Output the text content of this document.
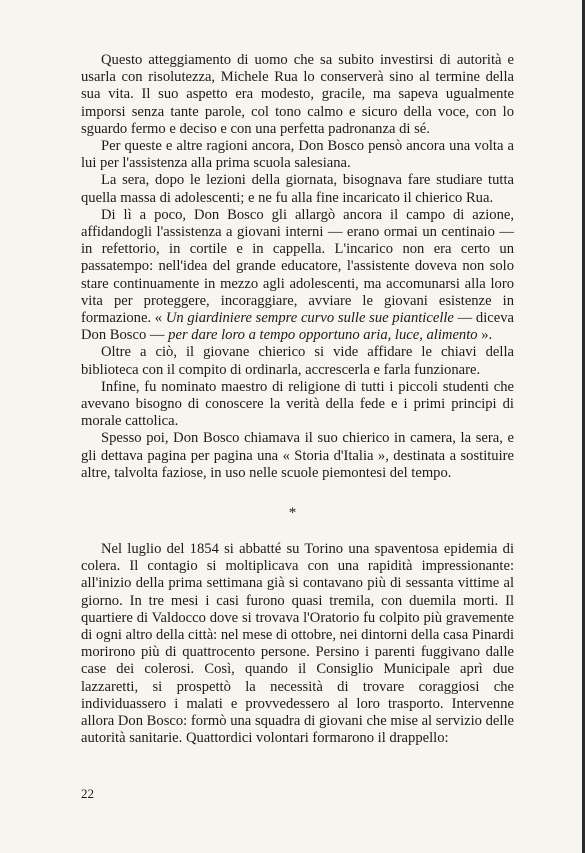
Questo atteggiamento di uomo che sa subito investirsi di autorità e usarla con risolutezza, Michele Rua lo conserverà sino al termine della sua vita. Il suo aspetto era modesto, gracile, ma sapeva ugualmente imporsi senza tante parole, col tono calmo e sicuro della voce, con lo sguardo fermo e deciso e con una perfetta padronanza di sé.

Per queste e altre ragioni ancora, Don Bosco pensò ancora una volta a lui per l'assistenza alla prima scuola salesiana.

La sera, dopo le lezioni della giornata, bisognava fare studiare tutta quella massa di adolescenti; e ne fu alla fine incaricato il chierico Rua.

Di lì a poco, Don Bosco gli allargò ancora il campo di azione, affidandogli l'assistenza a giovani interni — erano ormai un centinaio — in refettorio, in cortile e in cappella. L'incarico non era certo un passatempo: nell'idea del grande educatore, l'assistente doveva non solo stare continuamente in mezzo agli adolescenti, ma accomunarsi alla loro vita per proteggere, incoraggiare, avviare le giovani esistenze in formazione. « Un giardiniere sempre curvo sulle sue pianticelle — diceva Don Bosco — per dare loro a tempo opportuno aria, luce, alimento ».

Oltre a ciò, il giovane chierico si vide affidare le chiavi della biblioteca con il compito di ordinarla, accrescerla e farla funzionare.

Infine, fu nominato maestro di religione di tutti i piccoli studenti che avevano bisogno di conoscere la verità della fede e i primi principi di morale cattolica.

Spesso poi, Don Bosco chiamava il suo chierico in camera, la sera, e gli dettava pagina per pagina una « Storia d'Italia », destinata a sostituire altre, talvolta faziose, in uso nelle scuole piemontesi del tempo.

*

Nel luglio del 1854 si abbatté su Torino una spaventosa epidemia di colera. Il contagio si moltiplicava con una rapidità impressionante: all'inizio della prima settimana già si contavano più di sessanta vittime al giorno. In tre mesi i casi furono quasi tremila, con duemila morti. Il quartiere di Valdocco dove si trovava l'Oratorio fu colpito più gravemente di ogni altro della città: nel mese di ottobre, nei dintorni della casa Pinardi morirono più di quattrocento persone. Persino i parenti fuggivano dalle case dei colerosi. Così, quando il Consiglio Municipale aprì due lazzaretti, si prospettò la necessità di trovare coraggiosi che individuassero i malati e provvedessero al loro trasporto. Intervenne allora Don Bosco: formò una squadra di giovani che mise al servizio delle autorità sanitarie. Quattordici volontari formarono il drappello:

22
